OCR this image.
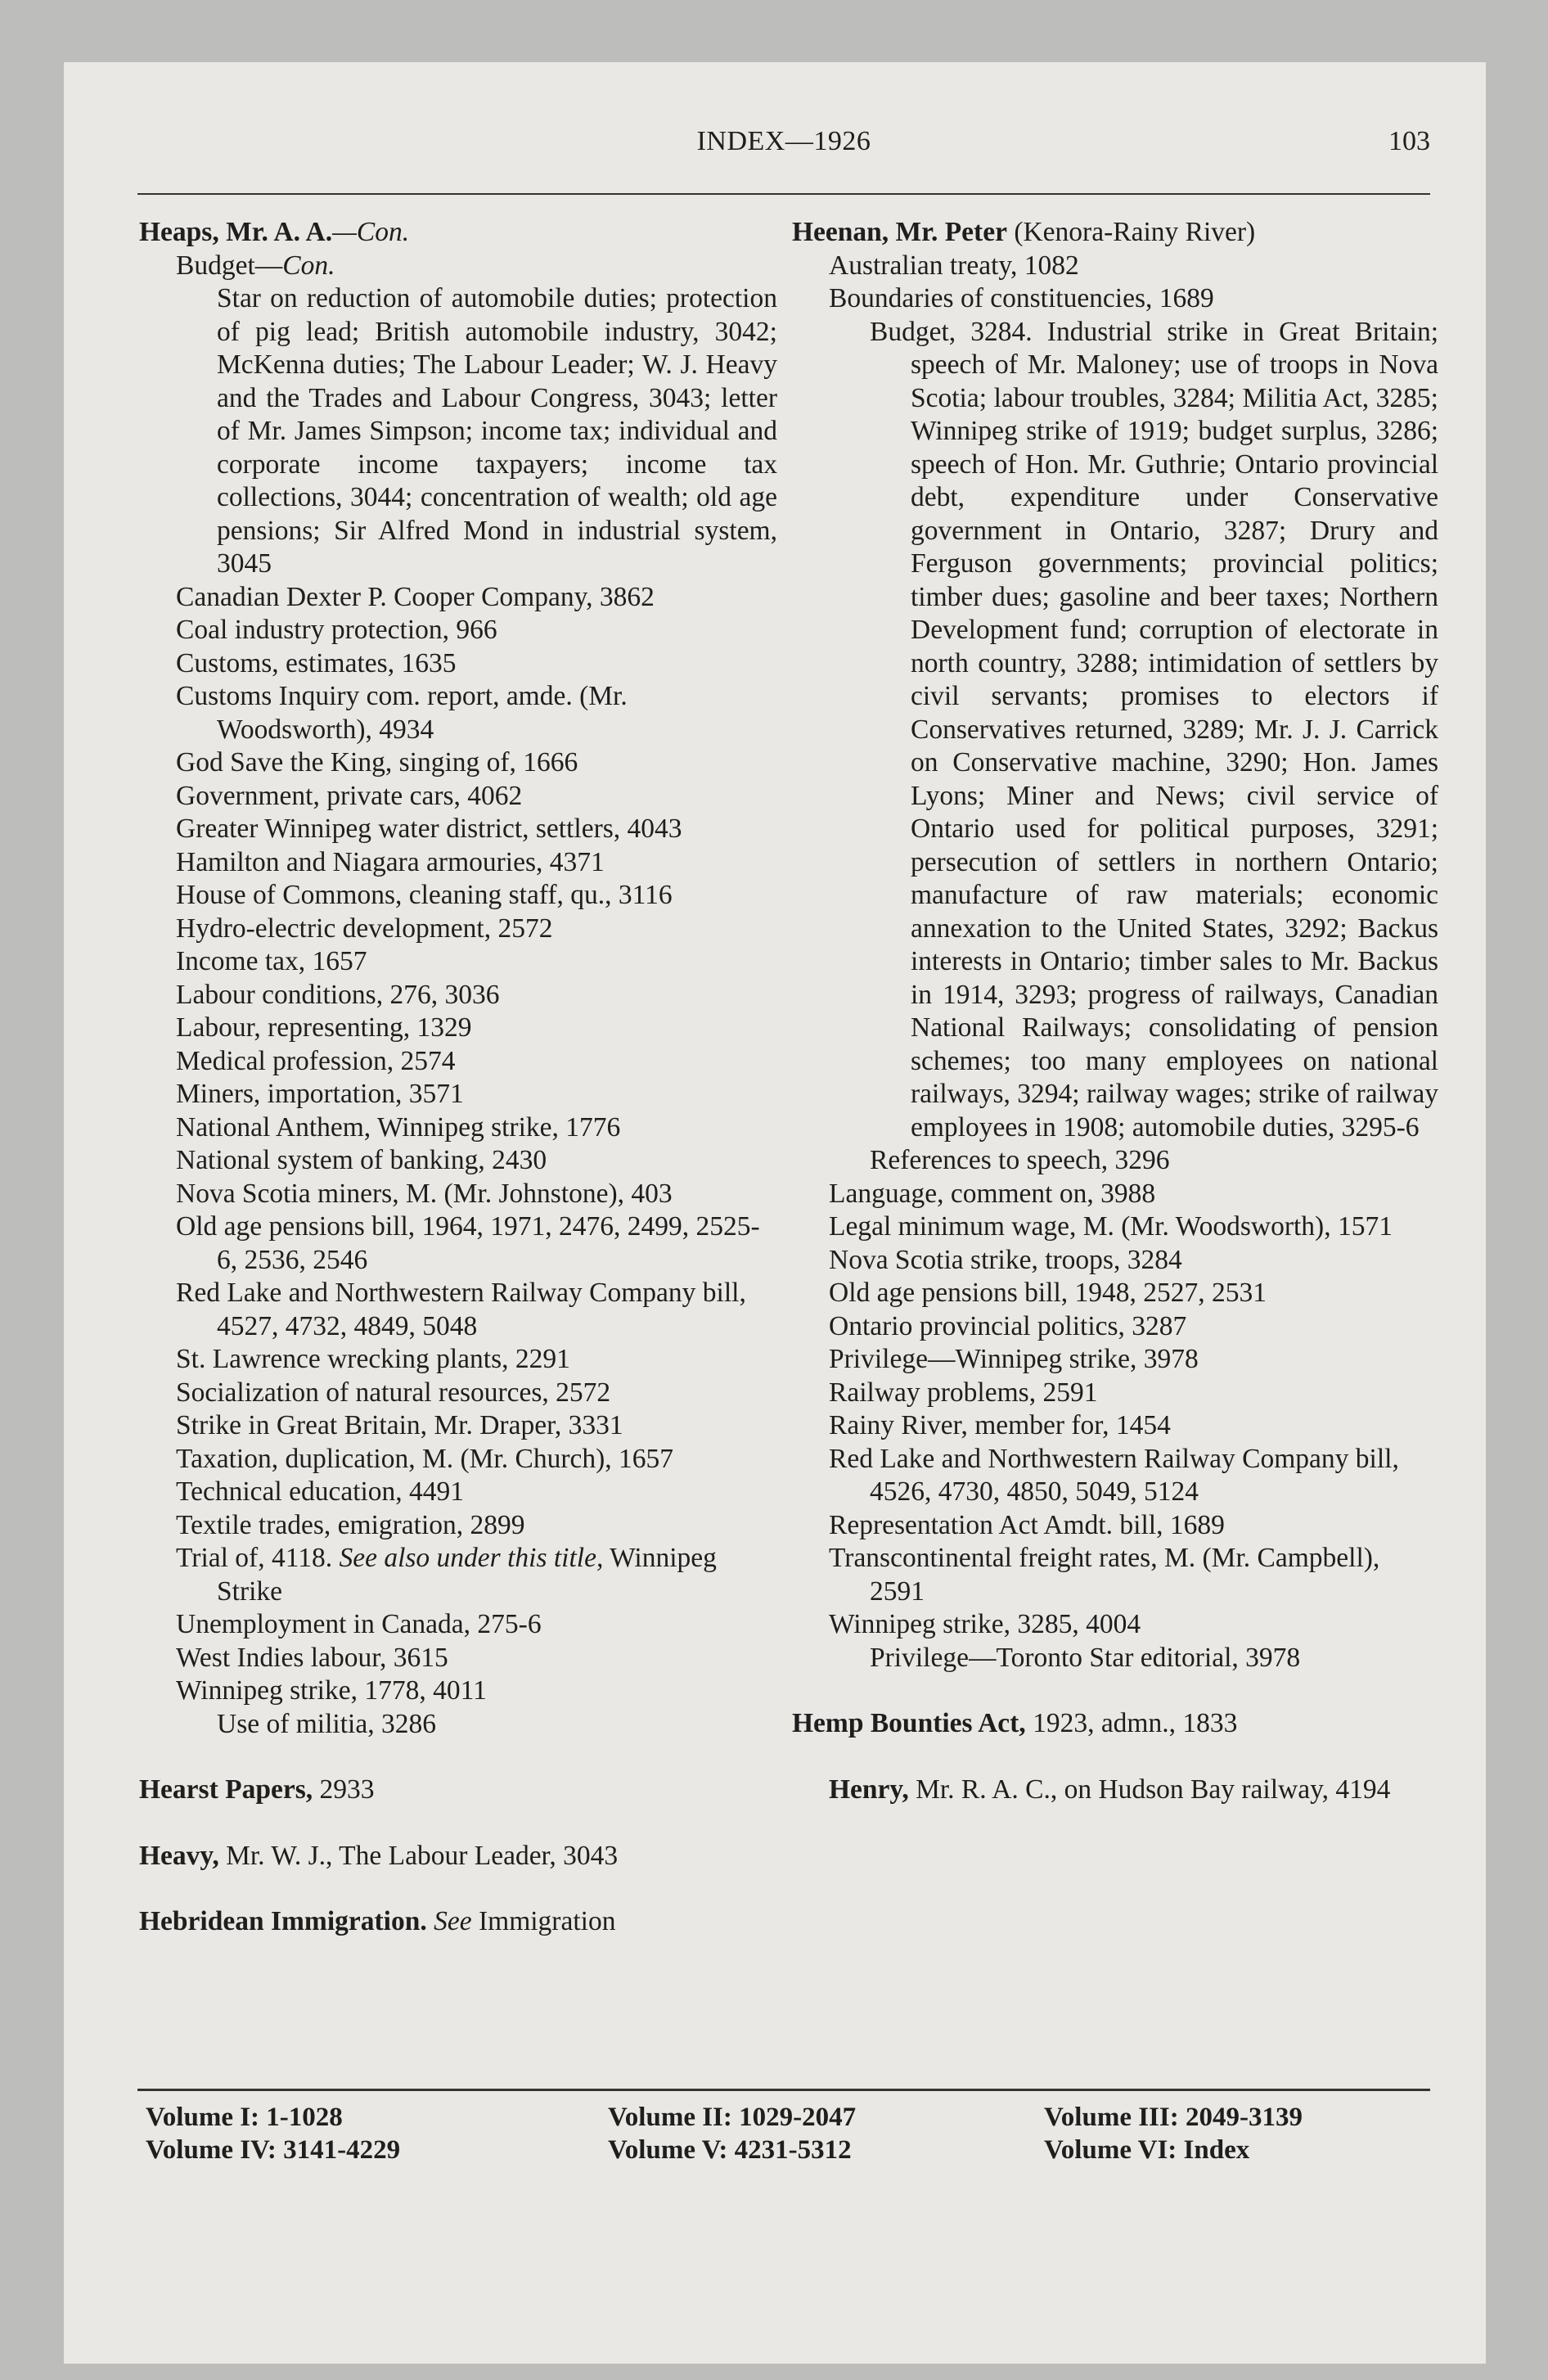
INDEX—1926	103

Heaps, Mr. A. A.—Con.

Budget—Con.

Star on reduction of automobile duties; protection of pig lead; British automobile industry, 3042; McKenna duties; The Labour Leader; W. J. Heavy and the Trades and Labour Congress, 3043; letter of Mr. James Simpson; income tax; individual and corporate income taxpayers; income tax collections, 3044; concentration of wealth; old age pensions; Sir Alfred Mond in industrial system, 3045

Canadian Dexter P. Cooper Company, 3862

Coal industry protection, 966

Customs, estimates, 1635

Customs Inquiry com. report, amde. (Mr. Woodsworth), 4934

God Save the King, singing of, 1666

Government, private cars, 4062

Greater Winnipeg water district, settlers, 4043

Hamilton and Niagara armouries, 4371

House of Commons, cleaning staff, qu., 3116

Hydro-electric development, 2572

Income tax, 1657

Labour conditions, 276, 3036

Labour, representing, 1329

Medical profession, 2574

Miners, importation, 3571

National Anthem, Winnipeg strike, 1776

National system of banking, 2430

Nova Scotia miners, M. (Mr. Johnstone), 403

Old age pensions bill, 1964, 1971, 2476, 2499, 2525-6, 2536, 2546

Red Lake and Northwestern Railway Company bill, 4527, 4732, 4849, 5048

St. Lawrence wrecking plants, 2291

Socialization of natural resources, 2572

Strike in Great Britain, Mr. Draper, 3331

Taxation, duplication, M. (Mr. Church), 1657

Technical education, 4491

Textile trades, emigration, 2899

Trial of, 4118. See also under this title, Winnipeg Strike

Unemployment in Canada, 275-6

West Indies labour, 3615

Winnipeg strike, 1778, 4011

Use of militia, 3286

Hearst Papers, 2933

Heavy, Mr. W. J., The Labour Leader, 3043

Hebridean Immigration. See Immigration

Heenan, Mr. Peter (Kenora-Rainy River)

Australian treaty, 1082

Boundaries of constituencies, 1689

Budget, 3284. Industrial strike in Great Britain; speech of Mr. Maloney; use of troops in Nova Scotia; labour troubles, 3284; Militia Act, 3285; Winnipeg strike of 1919; budget surplus, 3286; speech of Hon. Mr. Guthrie; Ontario provincial debt, expenditure under Conservative government in Ontario, 3287; Drury and Ferguson governments; provincial politics; timber dues; gasoline and beer taxes; Northern Development fund; corruption of electorate in north country, 3288; intimidation of settlers by civil servants; promises to electors if Conservatives returned, 3289; Mr. J. J. Carrick on Conservative machine, 3290; Hon. James Lyons; Miner and News; civil service of Ontario used for political purposes, 3291; persecution of settlers in northern Ontario; manufacture of raw materials; economic annexation to the United States, 3292; Backus interests in Ontario; timber sales to Mr. Backus in 1914, 3293; progress of railways, Canadian National Railways; consolidating of pension schemes; too many employees on national railways, 3294; railway wages; strike of railway employees in 1908; automobile duties, 3295-6

References to speech, 3296

Language, comment on, 3988

Legal minimum wage, M. (Mr. Woodsworth), 1571

Nova Scotia strike, troops, 3284

Old age pensions bill, 1948, 2527, 2531

Ontario provincial politics, 3287

Privilege—Winnipeg strike, 3978

Railway problems, 2591

Rainy River, member for, 1454

Red Lake and Northwestern Railway Company bill, 4526, 4730, 4850, 5049, 5124

Representation Act Amdt. bill, 1689

Transcontinental freight rates, M. (Mr. Campbell), 2591

Winnipeg strike, 3285, 4004

Privilege—Toronto Star editorial, 3978

Hemp Bounties Act, 1923, admn., 1833

Henry, Mr. R. A. C., on Hudson Bay railway, 4194

Volume I: 1-1028	Volume II: 1029-2047	Volume III: 2049-3139
Volume IV: 3141-4229	Volume V: 4231-5312	Volume VI: Index
